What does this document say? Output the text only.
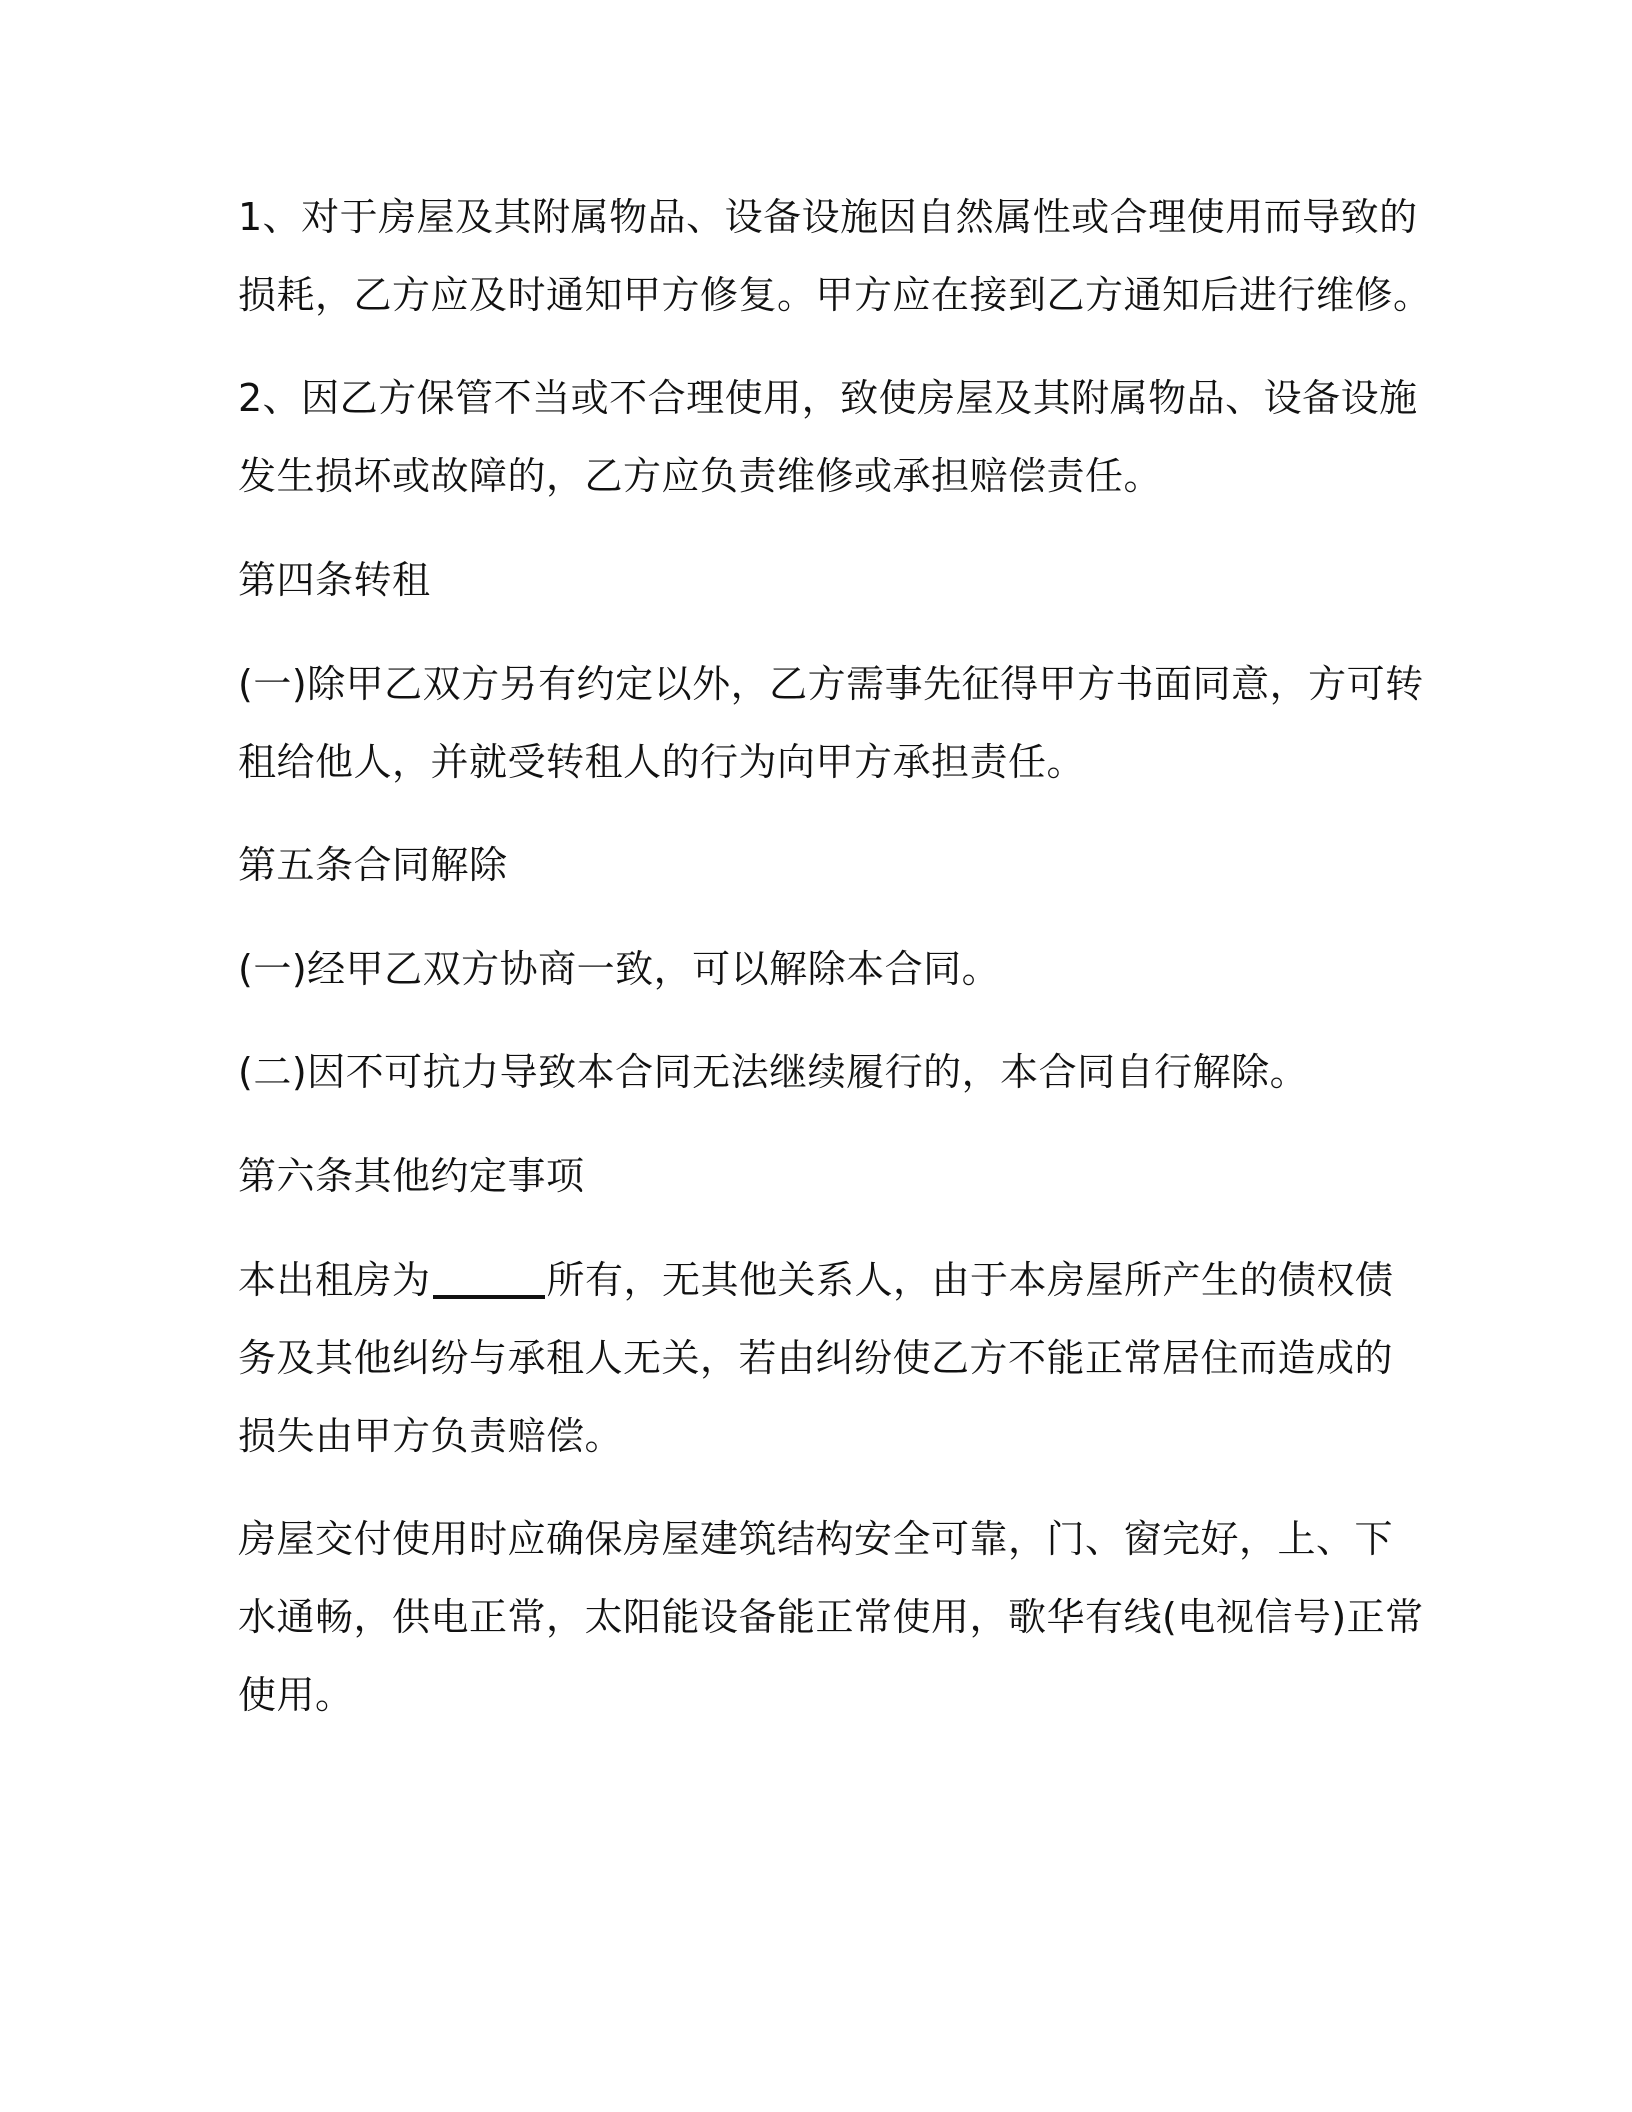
1、对于房屋及其附属物品、设备设施因自然属性或合理使用而导致的
损耗，乙方应及时通知甲方修复。甲方应在接到乙方通知后进行维修。

2、因乙方保管不当或不合理使用，致使房屋及其附属物品、设备设施
发生损坏或故障的，乙方应负责维修或承担赔偿责任。

第四条转租

(一)除甲乙双方另有约定以外，乙方需事先征得甲方书面同意，方可转
租给他人，并就受转租人的行为向甲方承担责任。

第五条合同解除

(一)经甲乙双方协商一致，可以解除本合同。

(二)因不可抗力导致本合同无法继续履行的，本合同自行解除。

第六条其他约定事项

本出租房为	所有，无其他关系人，由于本房屋所产生的债权债
务及其他纠纷与承租人无关，若由纠纷使乙方不能正常居住而造成的
损失由甲方负责赔偿。

房屋交付使用时应确保房屋建筑结构安全可靠，门、窗完好，上、下
水通畅，供电正常，太阳能设备能正常使用，歌华有线(电视信号)正常
使用。
